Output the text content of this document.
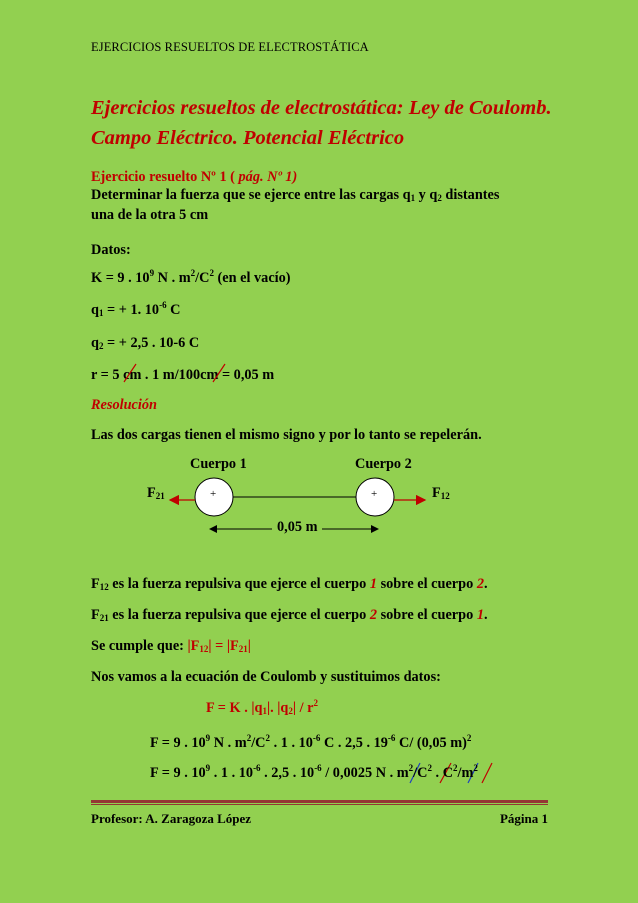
EJERCICIOS RESUELTOS DE ELECTROSTÁTICA
Ejercicios resueltos de electrostática: Ley de Coulomb. Campo Eléctrico. Potencial Eléctrico
Ejercicio resuelto Nº 1 ( pág. Nº 1)
Determinar la fuerza que se ejerce entre las cargas $q_1$ y $q_2$ distantes
una de la otra 5 cm
Datos:
K = 9 . $10^9$ N . $m^2/C^2$ (en el vacío)
$q_1$ = + 1. $10^{-6}$ C
$q_2$ = + 2,5 . 10-6 C
r = 5 cm . 1 m/100cm = 0,05 m
Resolución
Las dos cargas tienen el mismo signo y por lo tanto se repelerán.
Cuerpo 1	Cuerpo 2
$F_{21}$	$F_{12}$
+	+
0,05 m
$F_{12}$ es la fuerza repulsiva que ejerce el cuerpo 1 sobre el cuerpo 2.
$F_{21}$ es la fuerza repulsiva que ejerce el cuerpo 2 sobre el cuerpo 1.
Se cumple que: $|F_{12}| = |F_{21}|$
Nos vamos a la ecuación de Coulomb y sustituimos datos:
F = K . $|q_1|$. $|q_2| / r^2$
F = 9 . $10^9$ N . $m^2/C^2$ . 1 . $10^{-6}$ C . 2,5 . $19^{-6}$ C/ (0,05 m)$^2$
F = 9 . $10^9$ . 1 . $10^{-6}$ . 2,5 . $10^{-6} / 0,0025$ N . $m^2/C^2$ . $C^2/m^2$
Profesor: A. Zaragoza López	Página 1
